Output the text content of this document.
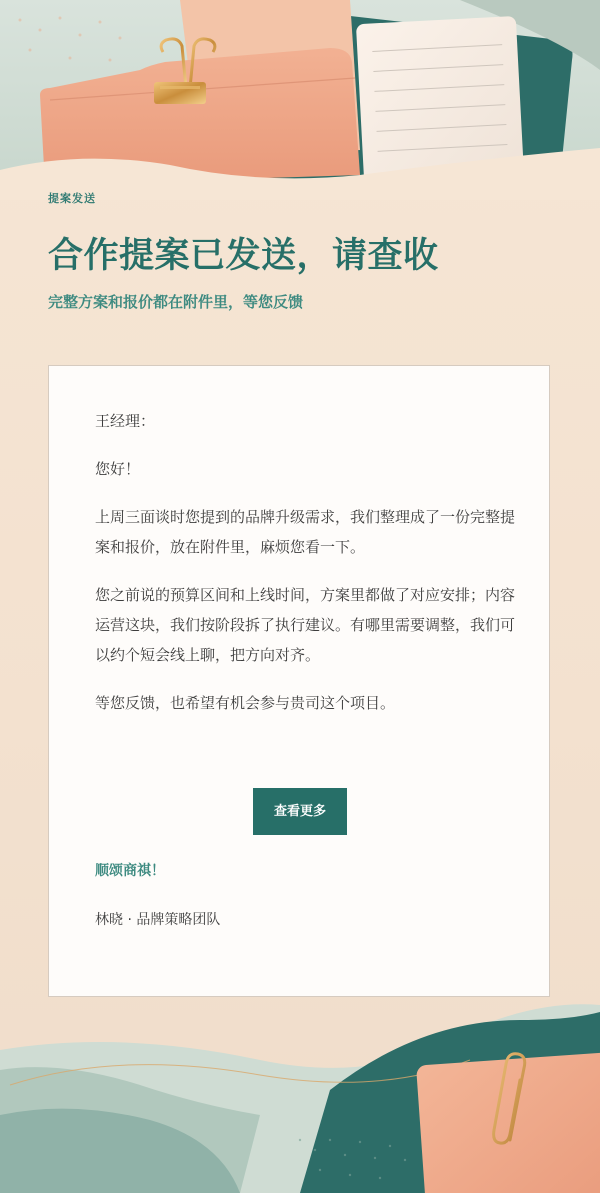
提案发送
合作提案已发送，请查收
完整方案和报价都在附件里，等您反馈

王经理：

您好！

上周三面谈时您提到的品牌升级需求，我们整理成了一份完整提案和报价，放在附件里，麻烦您看一下。

您之前说的预算区间和上线时间，方案里都做了对应安排；内容运营这块，我们按阶段拆了执行建议。有哪里需要调整，我们可以约个短会线上聊，把方向对齐。

等您反馈，也希望有机会参与贵司这个项目。

查看更多
顺颂商祺！
林晓 · 品牌策略团队
